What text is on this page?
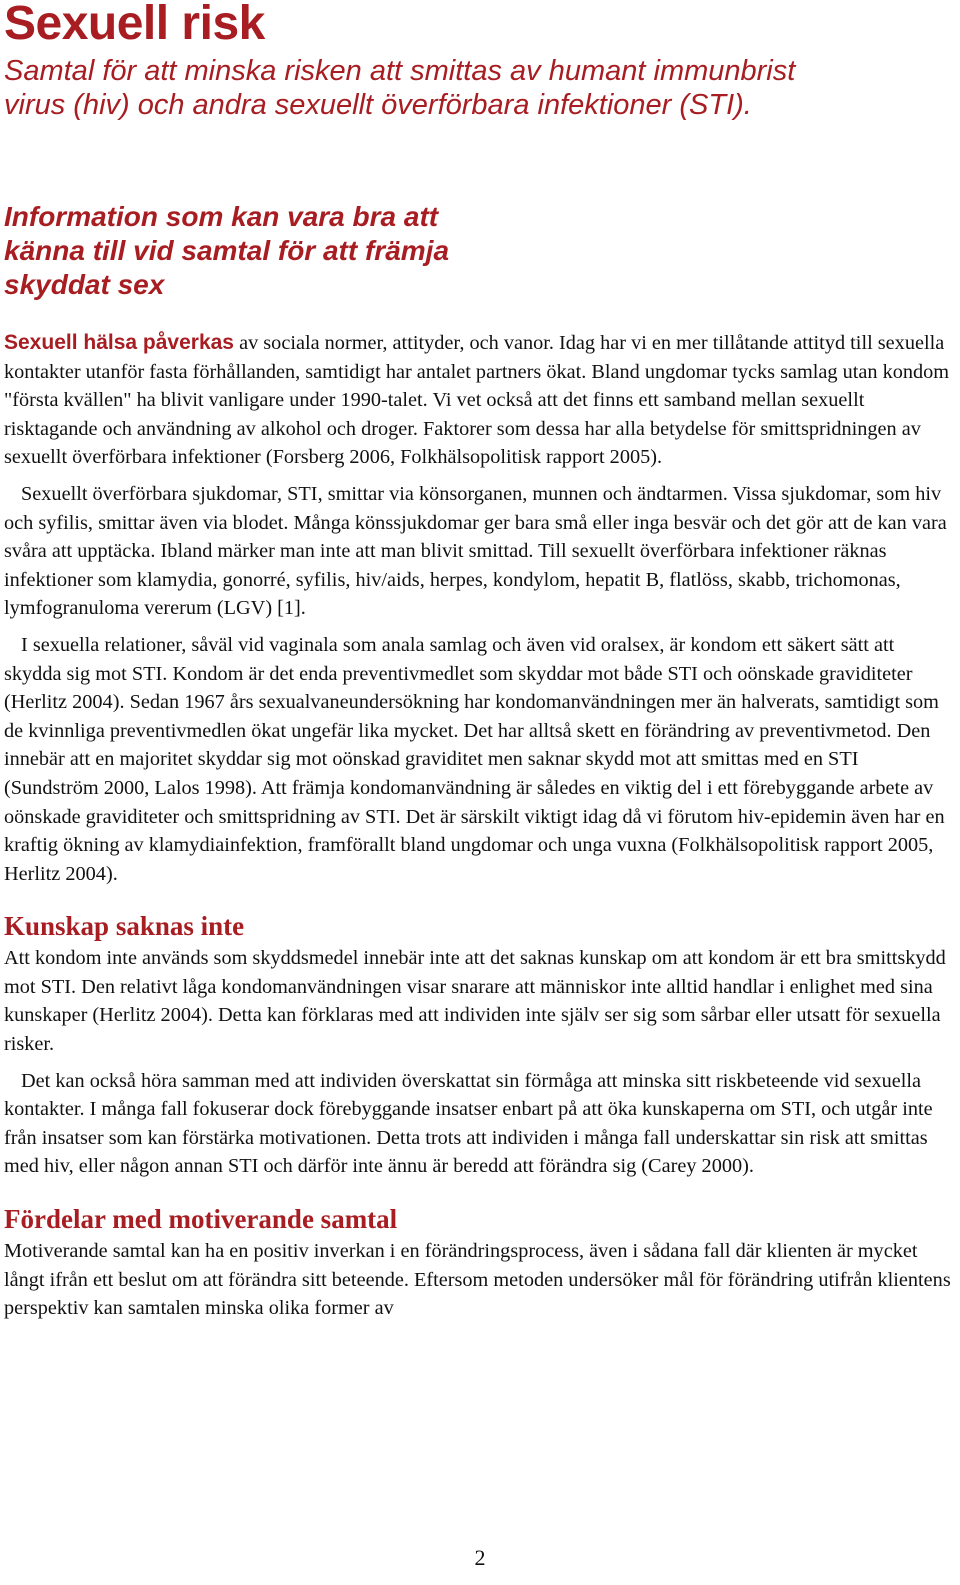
Sexuell risk
Samtal för att minska risken att smittas av humant immunbrist
virus (hiv) och andra sexuellt överförbara infektioner (STI).
Information som kan vara bra att
känna till vid samtal för att främja
skyddat sex

Sexuell hälsa påverkas av sociala normer, attityder, och vanor. Idag har vi en mer tillåtande attityd till sexuella kontakter utanför fasta förhållanden, samtidigt har antalet partners ökat. Bland ungdomar tycks samlag utan kondom "första kvällen" ha blivit vanligare under 1990-talet. Vi vet också att det finns ett samband mellan sexuellt risktagande och användning av alkohol och droger. Faktorer som dessa har alla betydelse för smittspridningen av sexuellt överförbara infektioner (Forsberg 2006, Folkhälsopolitisk rapport 2005).

Sexuellt överförbara sjukdomar, STI, smittar via könsorganen, munnen och ändtarmen. Vissa sjukdomar, som hiv och syfilis, smittar även via blodet. Många könssjukdomar ger bara små eller inga besvär och det gör att de kan vara svåra att upptäcka. Ibland märker man inte att man blivit smittad. Till sexuellt överförbara infektioner räknas infektioner som klamydia, gonorré, syfilis, hiv/aids, herpes, kondylom, hepatit B, flatlöss, skabb, trichomonas, lymfogranuloma vererum (LGV) [1].

I sexuella relationer, såväl vid vaginala som anala samlag och även vid oralsex, är kondom ett säkert sätt att skydda sig mot STI. Kondom är det enda preventivmedlet som skyddar mot både STI och oönskade graviditeter (Herlitz 2004). Sedan 1967 års sexualvaneundersökning har kondomanvändningen mer än halverats, samtidigt som de kvinnliga preventivmedlen ökat ungefär lika mycket. Det har alltså skett en förändring av preventivmetod. Den innebär att en majoritet skyddar sig mot oönskad graviditet men saknar skydd mot att smittas med en STI (Sundström 2000, Lalos 1998). Att främja kondomanvändning är således en viktig del i ett förebyggande arbete av oönskade graviditeter och smittspridning av STI. Det är särskilt viktigt idag då vi förutom hiv-epidemin även har en kraftig ökning av klamydiainfektion, framförallt bland ungdomar och unga vuxna (Folkhälsopolitisk rapport 2005, Herlitz 2004).

Kunskap saknas inte

Att kondom inte används som skyddsmedel innebär inte att det saknas kunskap om att kondom är ett bra smittskydd mot STI. Den relativt låga kondomanvändningen visar snarare att människor inte alltid handlar i enlighet med sina kunskaper (Herlitz 2004). Detta kan förklaras med att individen inte själv ser sig som sårbar eller utsatt för sexuella risker.

Det kan också höra samman med att individen överskattat sin förmåga att minska sitt riskbeteende vid sexuella kontakter. I många fall fokuserar dock förebyggande insatser enbart på att öka kunskaperna om STI, och utgår inte från insatser som kan förstärka motivationen. Detta trots att individen i många fall underskattar sin risk att smittas med hiv, eller någon annan STI och därför inte ännu är beredd att förändra sig (Carey 2000).

Fördelar med motiverande samtal

Motiverande samtal kan ha en positiv inverkan i en förändringsprocess, även i sådana fall där klienten är mycket långt ifrån ett beslut om att förändra sitt beteende. Eftersom metoden undersöker mål för förändring utifrån klientens perspektiv kan samtalen minska olika former av

2
